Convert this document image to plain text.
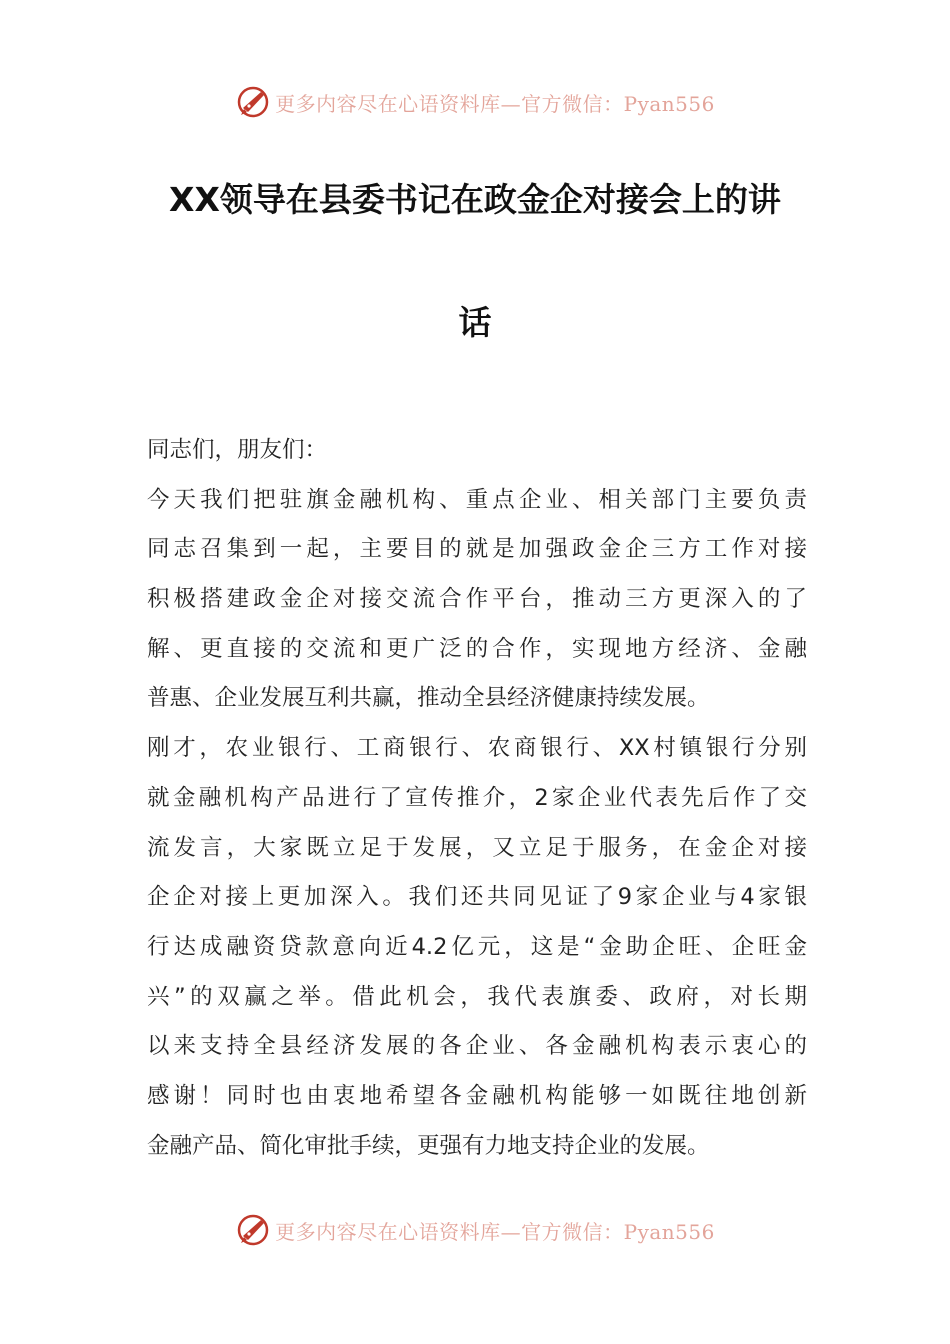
更多内容尽在心语资料库—官方微信：Pyan556
XX领导在县委书记在政金企对接会上的讲
话
同志们，朋友们：
今天我们把驻旗金融机构、重点企业、相关部门主要负责
同志召集到一起，主要目的就是加强政金企三方工作对接
积极搭建政金企对接交流合作平台，推动三方更深入的了
解、更直接的交流和更广泛的合作，实现地方经济、金融
普惠、企业发展互利共赢，推动全县经济健康持续发展。
刚才，农业银行、工商银行、农商银行、XX村镇银行分别
就金融机构产品进行了宣传推介，2家企业代表先后作了交
流发言，大家既立足于发展，又立足于服务，在金企对接
企企对接上更加深入。我们还共同见证了9家企业与4家银
行达成融资贷款意向近4.2亿元，这是“金助企旺、企旺金
兴”的双赢之举。借此机会，我代表旗委、政府，对长期
以来支持全县经济发展的各企业、各金融机构表示衷心的
感谢！同时也由衷地希望各金融机构能够一如既往地创新
金融产品、简化审批手续，更强有力地支持企业的发展。
更多内容尽在心语资料库—官方微信：Pyan556
